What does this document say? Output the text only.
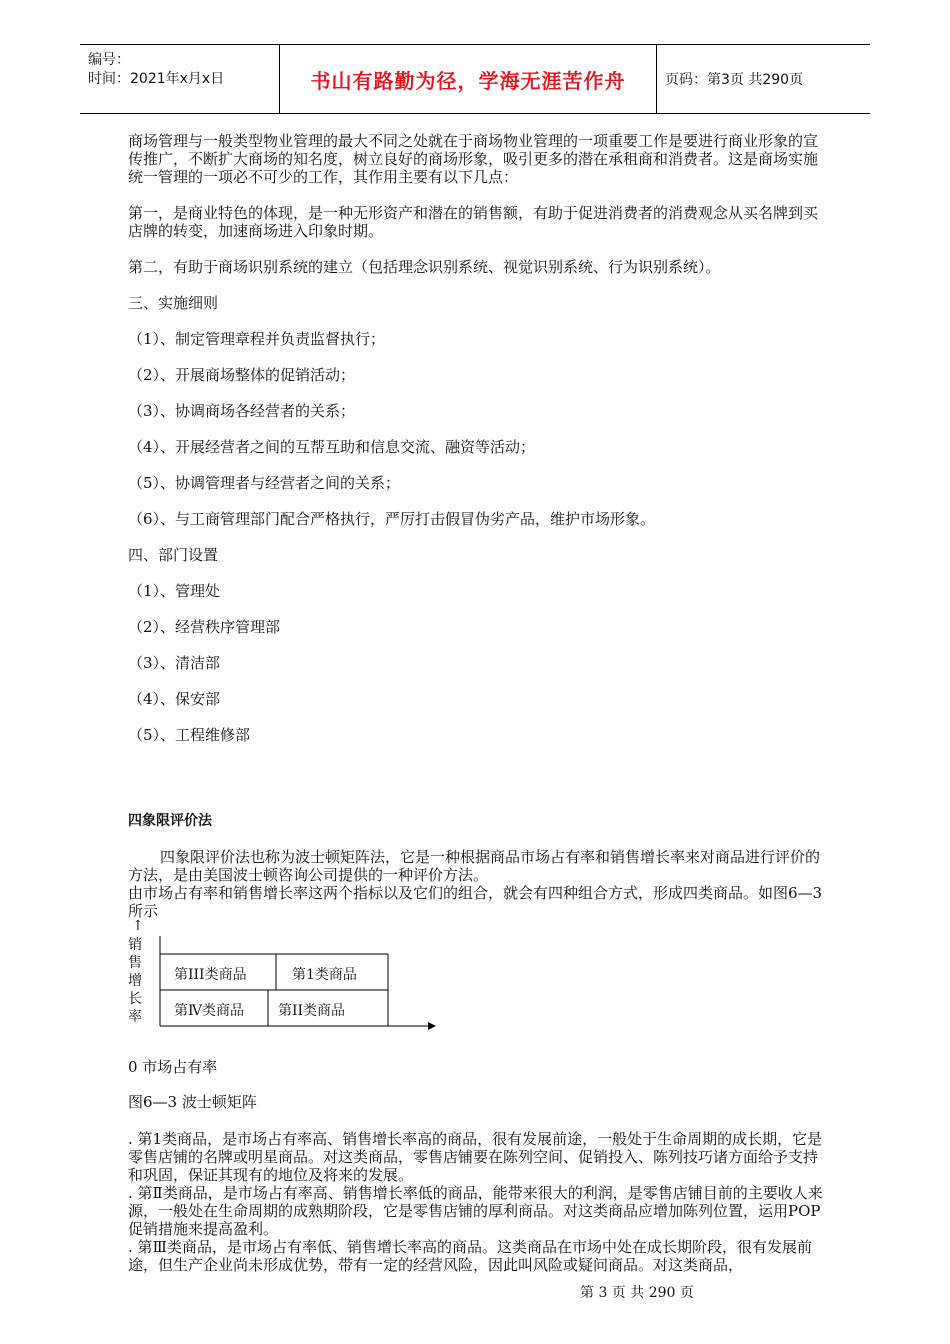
编号：
时间：2021年x月x日	书山有路勤为径，学海无涯苦作舟	页码：第3页 共290页

商场管理与一般类型物业管理的最大不同之处就在于商场物业管理的一项重要工作是要进行商业形象的宣传推广，不断扩大商场的知名度，树立良好的商场形象，吸引更多的潜在承租商和消费者。这是商场实施统一管理的一项必不可少的工作，其作用主要有以下几点：

第一，是商业特色的体现，是一种无形资产和潜在的销售额，有助于促进消费者的消费观念从买名牌到买店牌的转变，加速商场进入印象时期。

第二，有助于商场识别系统的建立（包括理念识别系统、视觉识别系统、行为识别系统）。

三、实施细则
（1）、制定管理章程并负责监督执行；
（2）、开展商场整体的促销活动；
（3）、协调商场各经营者的关系；
（4）、开展经营者之间的互帮互助和信息交流、融资等活动；
（5）、协调管理者与经营者之间的关系；
（6）、与工商管理部门配合严格执行，严厉打击假冒伪劣产品，维护市场形象。
四、部门设置
（1）、管理处
（2）、经营秩序管理部
（3）、清洁部
（4）、保安部
（5）、工程维修部
四象限评价法

四象限评价法也称为波士顿矩阵法，它是一种根据商品市场占有率和销售增长率来对商品进行评价的方法，是由美国波士顿咨询公司提供的一种评价方法。

由市场占有率和销售增长率这两个指标以及它们的组合，就会有四种组合方式，形成四类商品。如图6—3所示

↑
销
售
增
长
率
第III类商品	第1类商品
第Ⅳ类商品 第II类商品
0 市场占有率
图6—3 波士顿矩阵

. 第1类商品，是市场占有率高、销售增长率高的商品，很有发展前途，一般处于生命周期的成长期，它是零售店铺的名牌或明星商品。对这类商品，零售店铺要在陈列空间、促销投入、陈列技巧诸方面给予支持和巩固，保证其现有的地位及将来的发展。

. 第Ⅱ类商品，是市场占有率高、销售增长率低的商品，能带来很大的利润，是零售店铺目前的主要收人来源，一般处在生命周期的成熟期阶段，它是零售店铺的厚利商品。对这类商品应增加陈列位置，运用POP促销措施来提高盈利。

. 第Ⅲ类商品，是市场占有率低、销售增长率高的商品。这类商品在市场中处在成长期阶段，很有发展前途，但生产企业尚未形成优势，带有一定的经营风险，因此叫风险或疑问商品。对这类商品，

第 3 页 共 290 页
